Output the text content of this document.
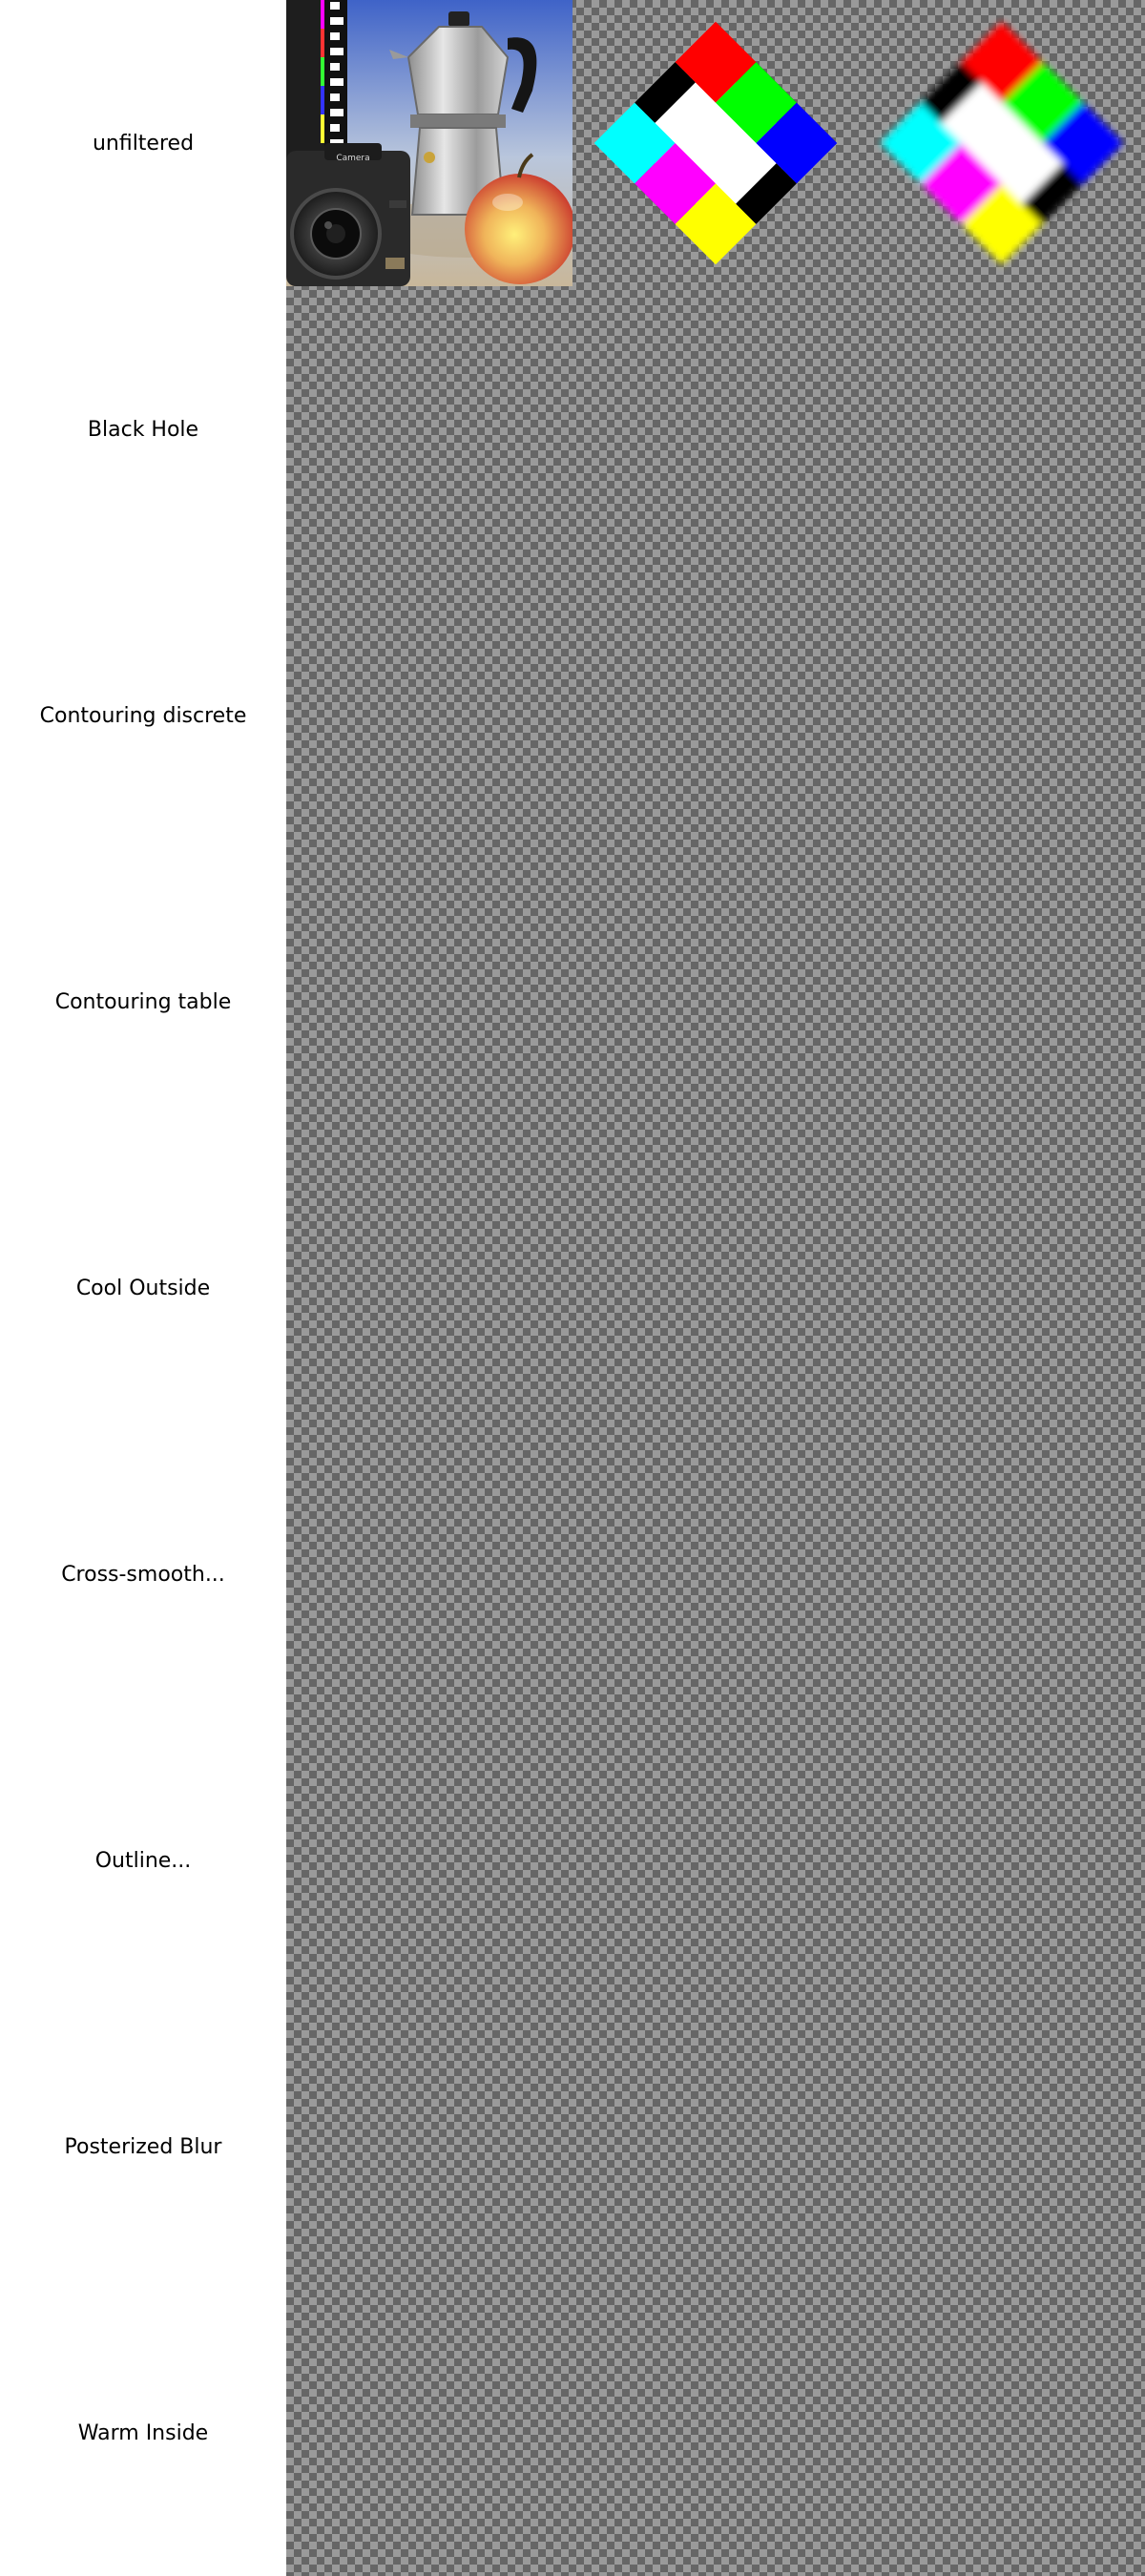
unfiltered
Black Hole
Contouring discrete
Contouring table
Cool Outside
Cross-smooth...
Outline...
Posterized Blur
Warm Inside
Camera
